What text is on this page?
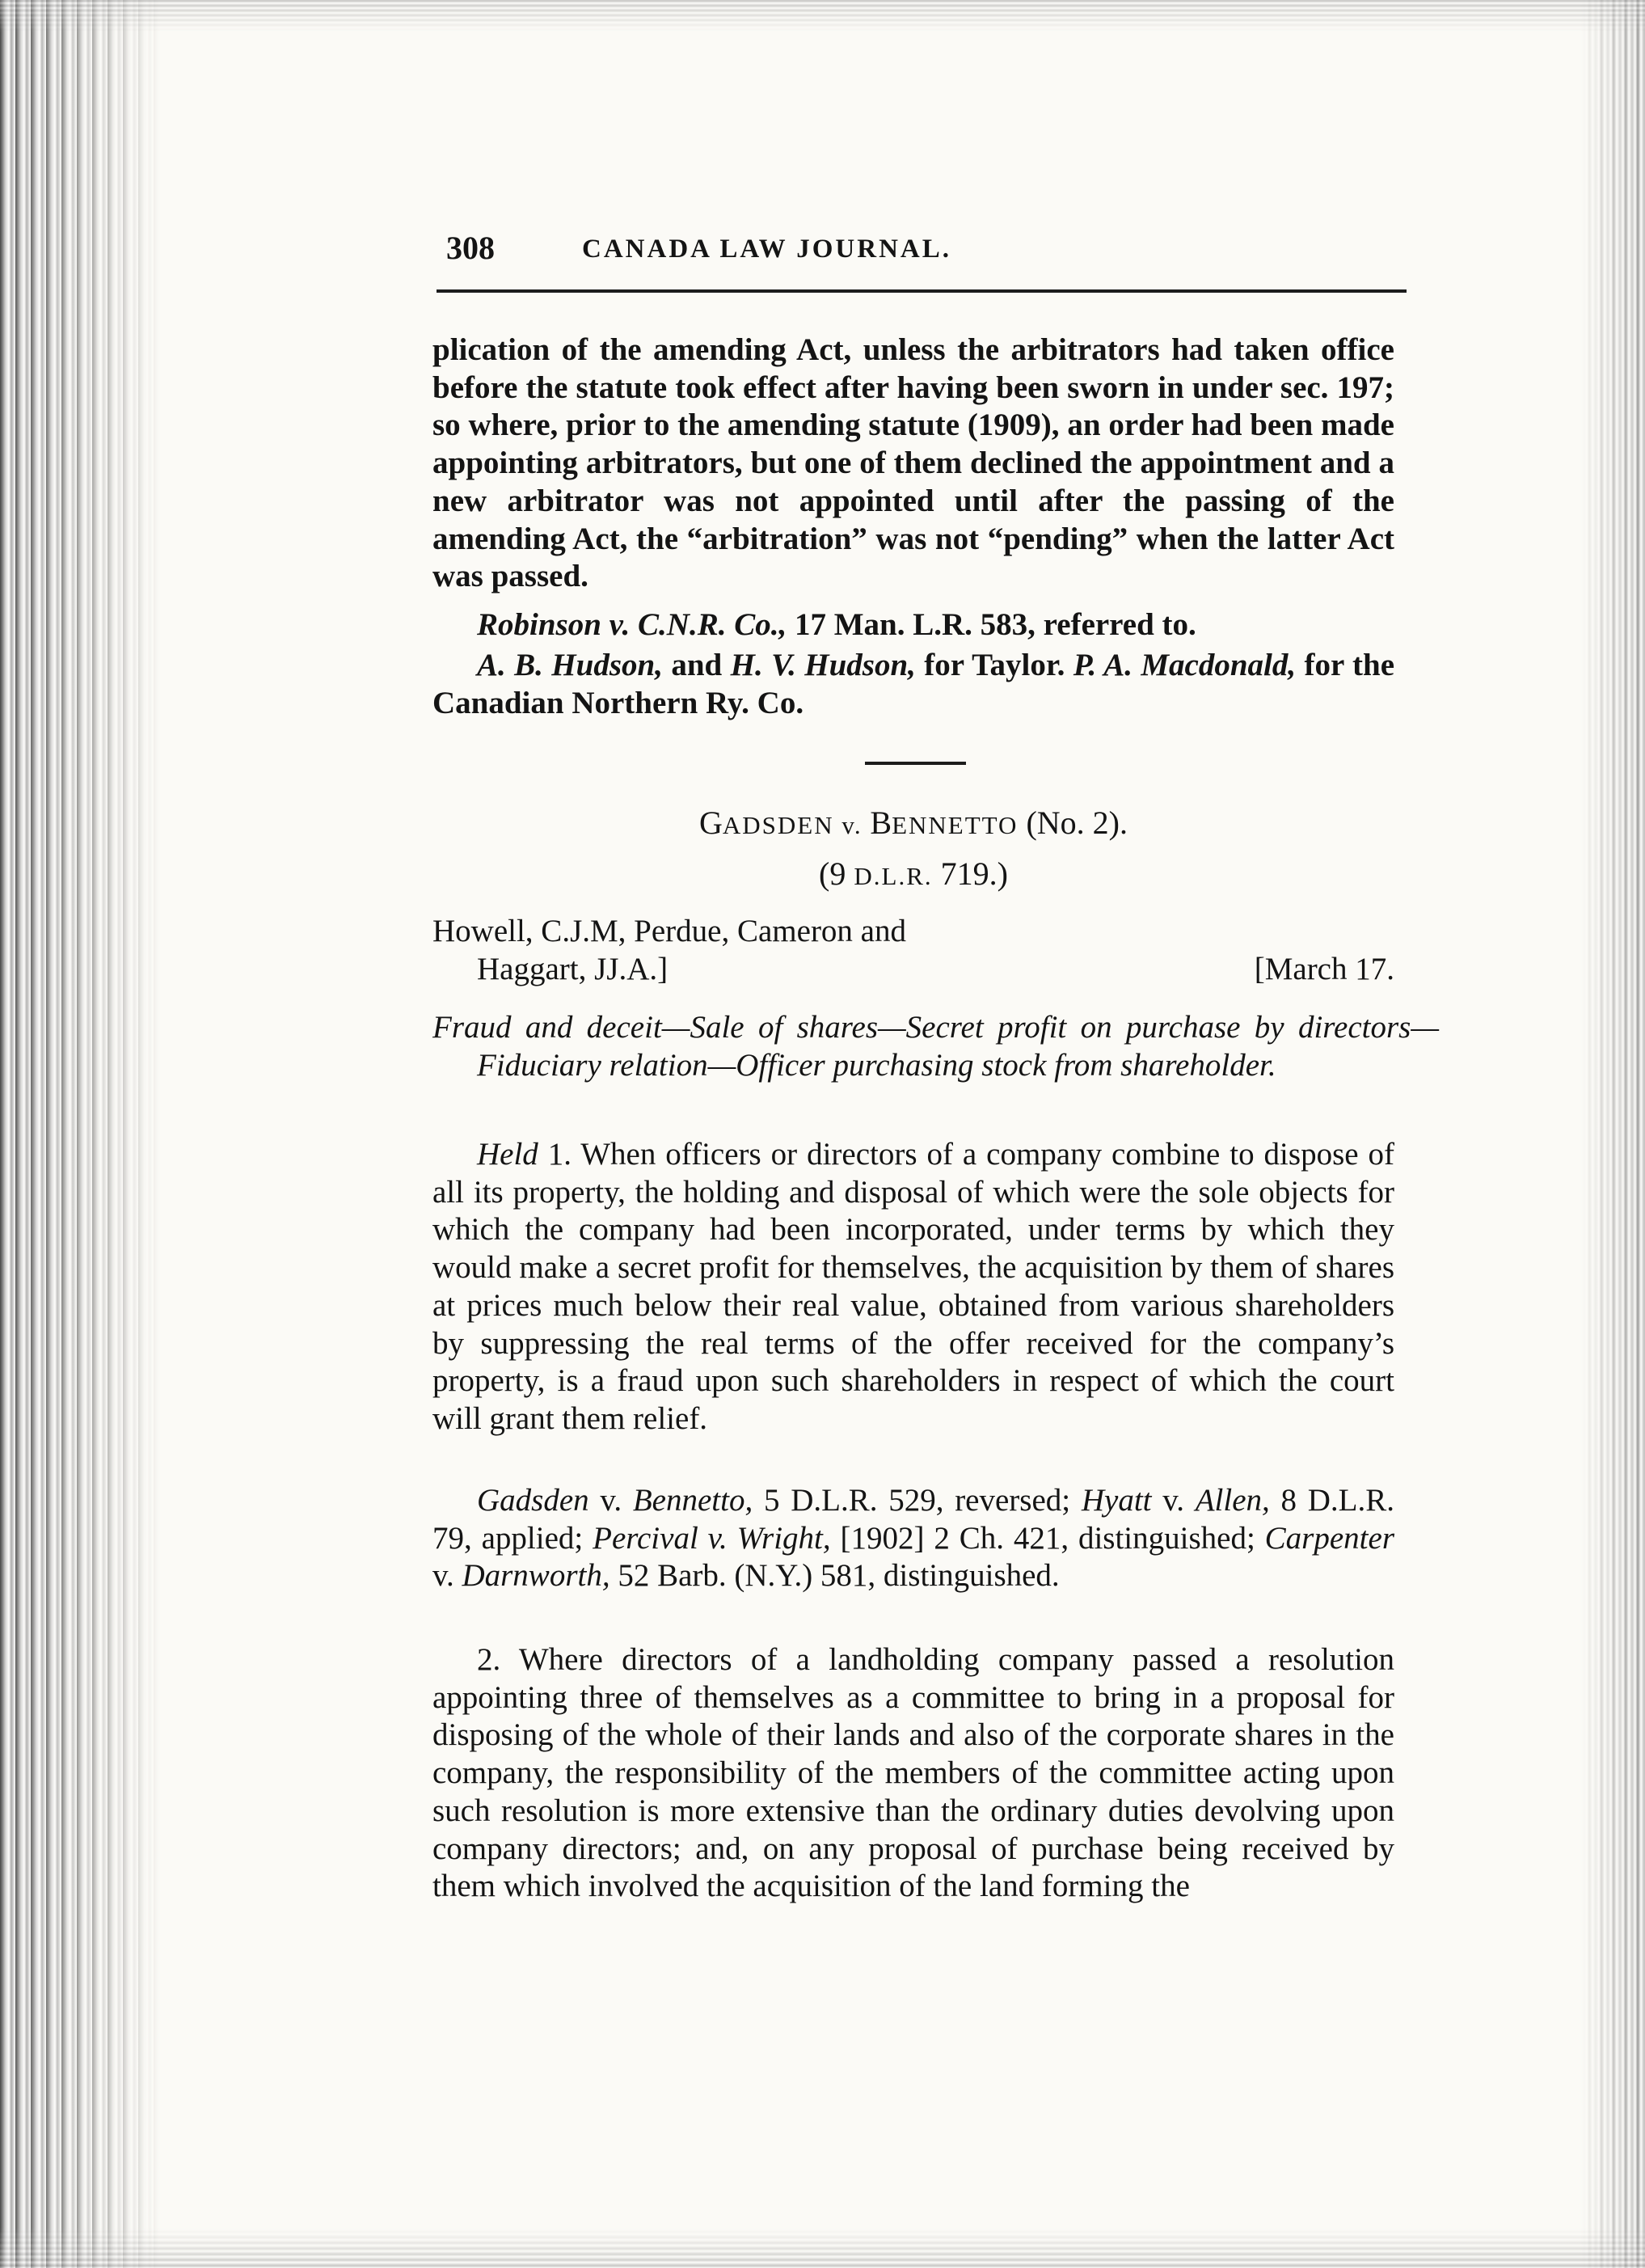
308	CANADA LAW JOURNAL.
plication of the amending Act, unless the arbitrators had taken office before the statute took effect after having been sworn in under sec. 197; so where, prior to the amending statute (1909), an order had been made appointing arbitrators, but one of them declined the appointment and a new arbitrator was not appointed until after the passing of the amending Act, the “arbitration” was not “pending” when the latter Act was passed.
Robinson v. C.N.R. Co., 17 Man. L.R. 583, referred to.
A. B. Hudson, and H. V. Hudson, for Taylor. P. A. Macdonald, for the Canadian Northern Ry. Co.
GADSDEN v. BENNETTO (No. 2).
(9 D.L.R. 719.)
Howell, C.J.M, Perdue, Cameron and
Haggart, JJ.A.]	[March 17.
Fraud and deceit—Sale of shares—Secret profit on purchase by directors—Fiduciary relation—Officer purchasing stock from shareholder.
Held 1. When officers or directors of a company combine to dispose of all its property, the holding and disposal of which were the sole objects for which the company had been incorporated, under terms by which they would make a secret profit for themselves, the acquisition by them of shares at prices much below their real value, obtained from various shareholders by suppressing the real terms of the offer received for the company’s property, is a fraud upon such shareholders in respect of which the court will grant them relief.
Gadsden v. Bennetto, 5 D.L.R. 529, reversed; Hyatt v. Allen, 8 D.L.R. 79, applied; Percival v. Wright, [1902] 2 Ch. 421, distinguished; Carpenter v. Darnworth, 52 Barb. (N.Y.) 581, distinguished.
2. Where directors of a landholding company passed a resolution appointing three of themselves as a committee to bring in a proposal for disposing of the whole of their lands and also of the corporate shares in the company, the responsibility of the members of the committee acting upon such resolution is more extensive than the ordinary duties devolving upon company directors; and, on any proposal of purchase being received by them which involved the acquisition of the land forming the
